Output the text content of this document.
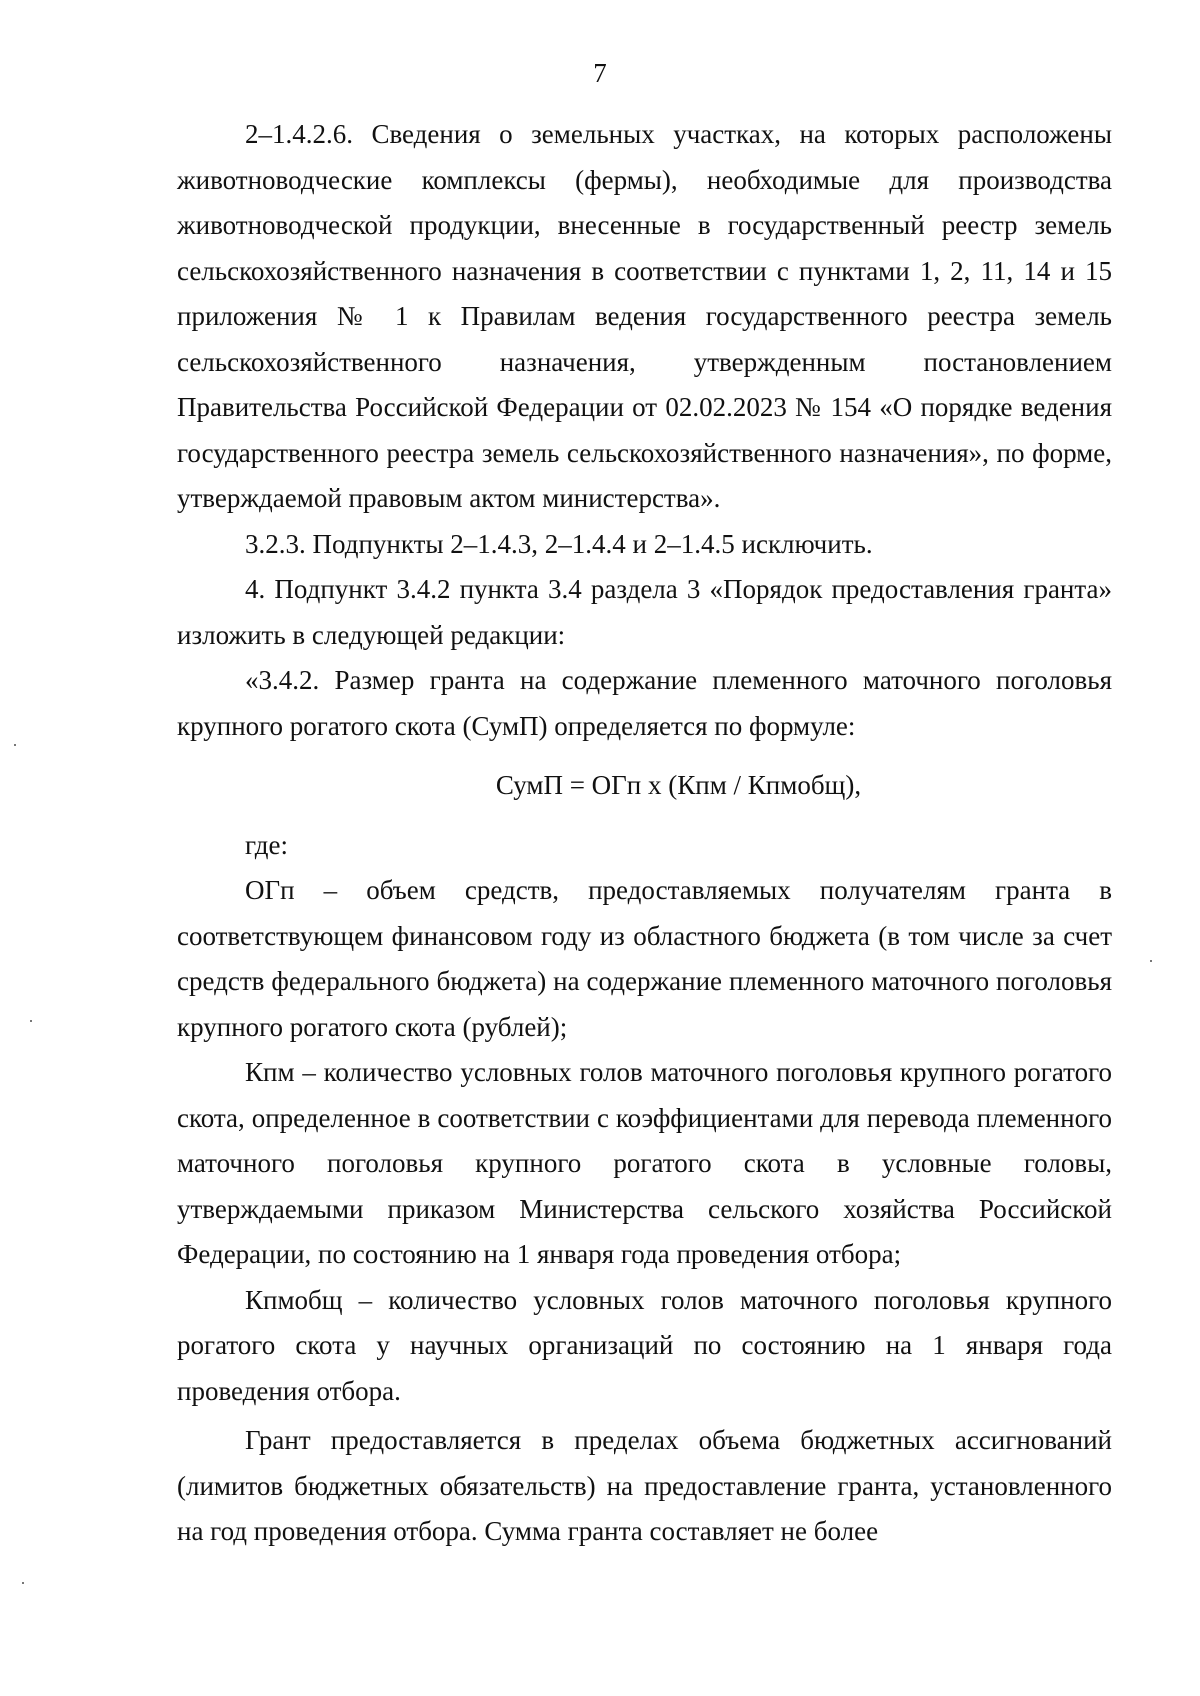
7

2–1.4.2.6. Сведения о земельных участках, на которых расположены животноводческие комплексы (фермы), необходимые для производства животноводческой продукции, внесенные в государственный реестр земель сельскохозяйственного назначения в соответствии с пунктами 1, 2, 11, 14 и 15 приложения № 1 к Правилам ведения государственного реестра земель сельскохозяйственного назначения, утвержденным постановлением Правительства Российской Федерации от 02.02.2023 № 154 «О порядке ведения государственного реестра земель сельскохозяйственного назначения», по форме, утверждаемой правовым актом министерства».

3.2.3. Подпункты 2–1.4.3, 2–1.4.4 и 2–1.4.5 исключить.

4. Подпункт 3.4.2 пункта 3.4 раздела 3 «Порядок предоставления гранта» изложить в следующей редакции:

«3.4.2. Размер гранта на содержание племенного маточного поголовья крупного рогатого скота (СумП) определяется по формуле:

СумП = ОГп x (Кпм / Кпмобщ),

где:

ОГп – объем средств, предоставляемых получателям гранта в соответствующем финансовом году из областного бюджета (в том числе за счет средств федерального бюджета) на содержание племенного маточного поголовья крупного рогатого скота (рублей);

Кпм – количество условных голов маточного поголовья крупного рогатого скота, определенное в соответствии с коэффициентами для перевода племенного маточного поголовья крупного рогатого скота в условные головы, утверждаемыми приказом Министерства сельского хозяйства Российской Федерации, по состоянию на 1 января года проведения отбора;

Кпмобщ – количество условных голов маточного поголовья крупного рогатого скота у научных организаций по состоянию на 1 января года проведения отбора.

Грант предоставляется в пределах объема бюджетных ассигнований (лимитов бюджетных обязательств) на предоставление гранта, установленного на год проведения отбора. Сумма гранта составляет не более
